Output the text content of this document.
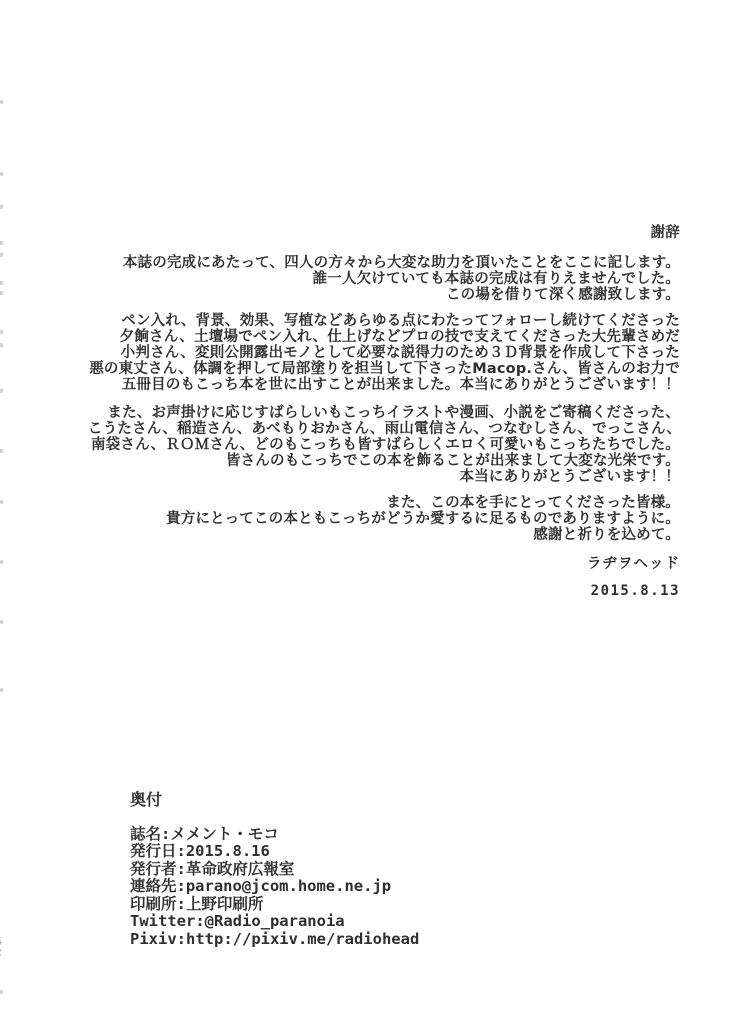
謝辞
本誌の完成にあたって、四人の方々から大変な助力を頂いたことをここに記します。
誰一人欠けていても本誌の完成は有りえませんでした。
この場を借りて深く感謝致します。
ペン入れ、背景、効果、写植などあらゆる点にわたってフォローし続けてくださった
夕餉さん、土壇場でペン入れ、仕上げなどプロの技で支えてくださった大先輩さめだ
小判さん、変則公開露出モノとして必要な説得力のため３Ｄ背景を作成して下さった
悪の東丈さん、体調を押して局部塗りを担当して下さったMacop.さん、皆さんのお力で
五冊目のもこっち本を世に出すことが出来ました。本当にありがとうございます！！
また、お声掛けに応じすばらしいもこっちイラストや漫画、小説をご寄稿くださった、
こうたさん、稲造さん、あべもりおかさん、雨山電信さん、つなむしさん、でっこさん、
南袋さん、ＲＯＭさん、どのもこっちも皆すばらしくエロく可愛いもこっちたちでした。
皆さんのもこっちでこの本を飾ることが出来まして大変な光栄です。
本当にありがとうございます！！
また、この本を手にとってくださった皆様。
貴方にとってこの本ともこっちがどうか愛するに足るものでありますように。
感謝と祈りを込めて。
ラヂヲヘッド
2015.8.13
奥付
誌名:メメント・モコ
発行日:2015.8.16
発行者:革命政府広報室
連絡先:parano@jcom.home.ne.jp
印刷所:上野印刷所
Twitter:@Radio_paranoia
Pixiv:http://pixiv.me/radiohead
